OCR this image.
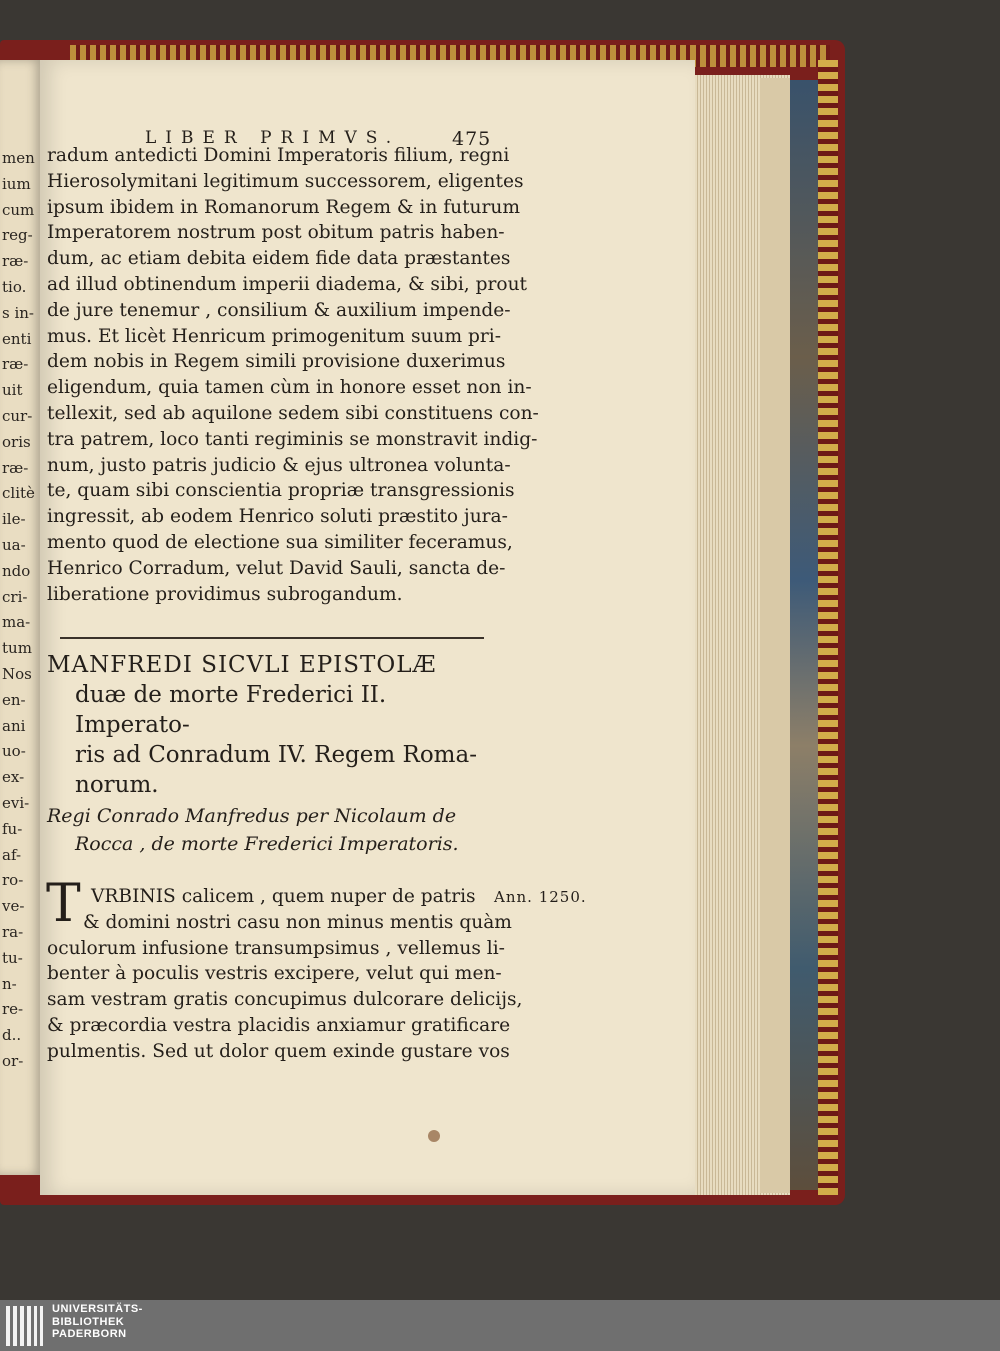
men
ium
cum
reg-
ræ-
tio.
s in-
enti
ræ-
uit
cur-
oris
ræ-
clitè
ile-
ua-
ndo
cri-
ma-
tum
Nos
en-
ani
uo-
ex-
evi-
fu-
af-
ro-
ve-
ra-
tu-
n-
re-
d..
or-
LIBER PRIMVS.	475
radum antedicti Domini Imperatoris filium, regni
Hierosolymitani legitimum successorem, eligentes
ipsum ibidem in Romanorum Regem & in futurum
Imperatorem nostrum post obitum patris haben-
dum, ac etiam debita eidem fide data præstantes
ad illud obtinendum imperii diadema, & sibi, prout
de jure tenemur , consilium & auxilium impende-
mus. Et licèt Henricum primogenitum suum pri-
dem nobis in Regem simili provisione duxerimus
eligendum, quia tamen cùm in honore esset non in-
tellexit, sed ab aquilone sedem sibi constituens con-
tra patrem, loco tanti regiminis se monstravit indig-
num, justo patris judicio & ejus ultronea volunta-
te, quam sibi conscientia propriæ transgressionis
ingressit, ab eodem Henrico soluti præstito jura-
mento quod de electione sua similiter feceramus,
Henrico Corradum, velut David Sauli, sancta de-
liberatione providimus subrogandum.
MANFREDI SICVLI EPISTOLÆ
duæ de morte Frederici II. Imperato-
ris ad Conradum IV. Regem Roma-
norum.
Regi Conrado Manfredus per Nicolaum de
Rocca , de morte Frederici Imperatoris.
T VRBINIS calicem , quem nuper de patris
& domini nostri casu non minus mentis quàm
oculorum infusione transumpsimus , vellemus li-
benter à poculis vestris excipere, velut qui men-
sam vestram gratis concupimus dulcorare delicijs,
& præcordia vestra placidis anxiamur gratificare
pulmentis. Sed ut dolor quem exinde gustare vos
Ann. 1250.
UNIVERSITÄTS-
BIBLIOTHEK
PADERBORN
